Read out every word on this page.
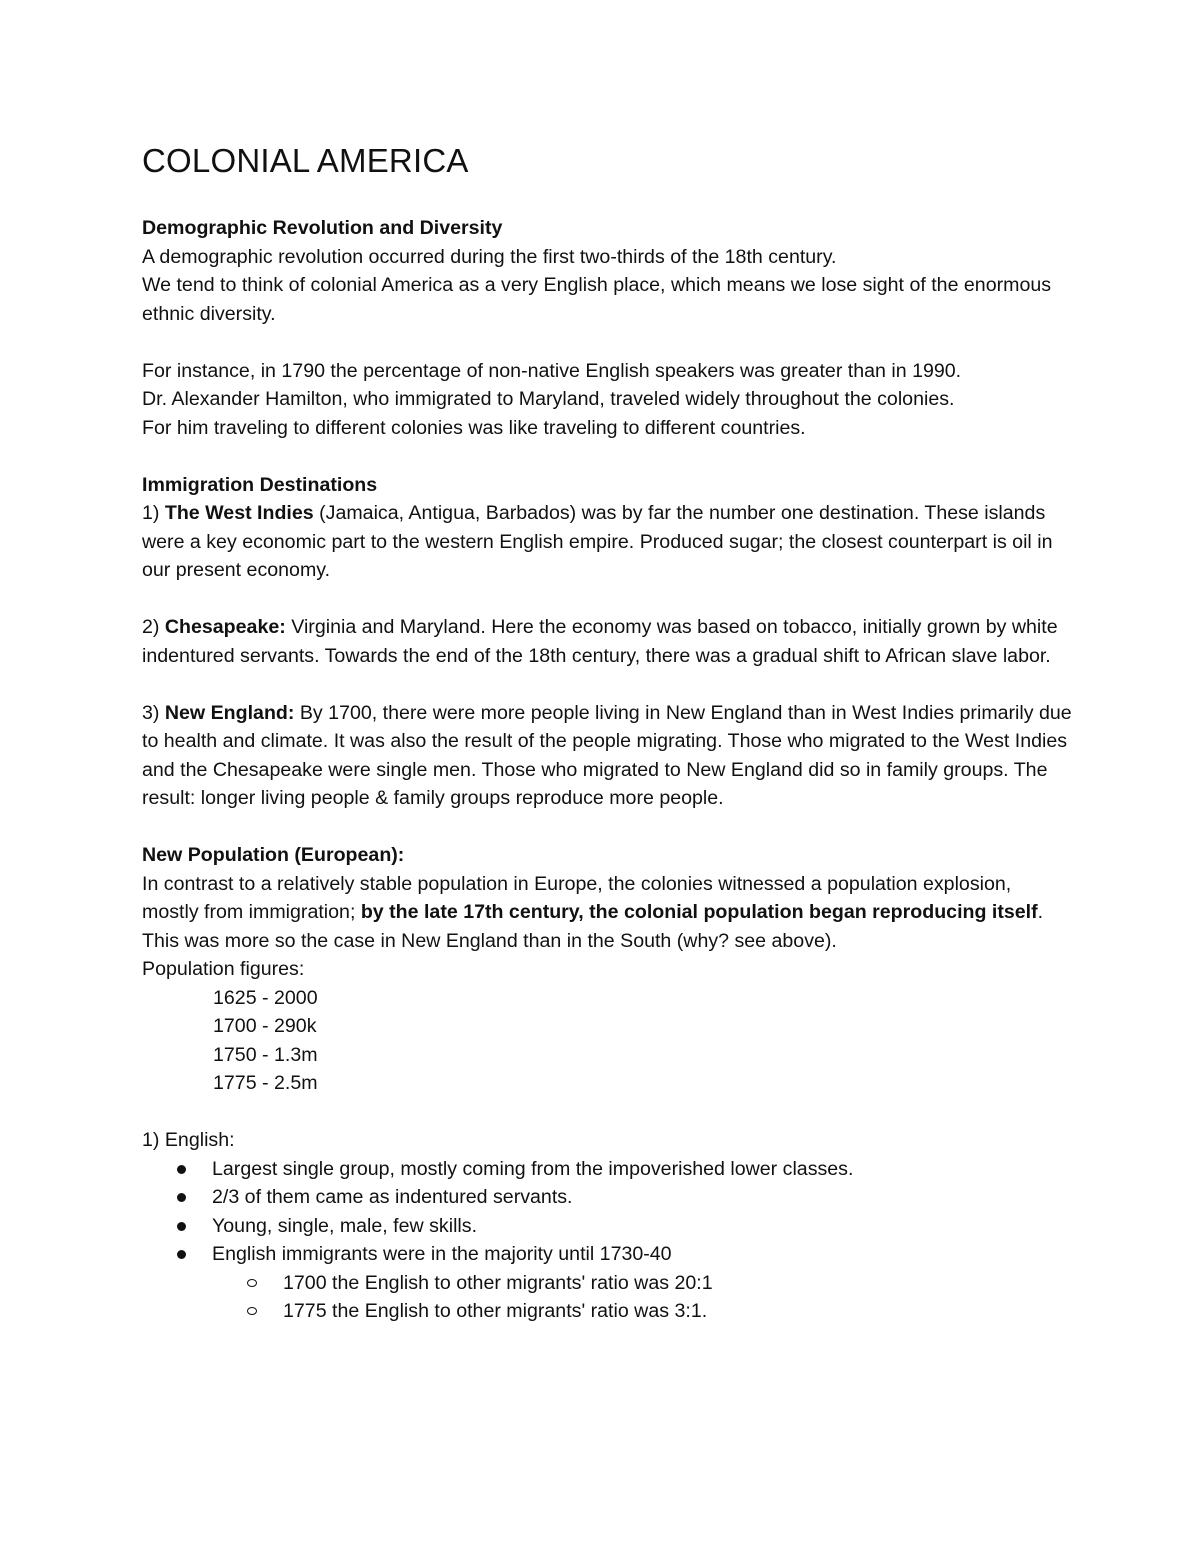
COLONIAL AMERICA

Demographic Revolution and Diversity

A demographic revolution occurred during the first two-thirds of the 18th century.

We tend to think of colonial America as a very English place, which means we lose sight of the enormous ethnic diversity.

For instance, in 1790 the percentage of non-native English speakers was greater than in 1990.

Dr. Alexander Hamilton, who immigrated to Maryland, traveled widely throughout the colonies.

For him traveling to different colonies was like traveling to different countries.

Immigration Destinations

1) The West Indies (Jamaica, Antigua, Barbados) was by far the number one destination. These islands were a key economic part to the western English empire. Produced sugar; the closest counterpart is oil in our present economy.

2) Chesapeake: Virginia and Maryland. Here the economy was based on tobacco, initially grown by white indentured servants. Towards the end of the 18th century, there was a gradual shift to African slave labor.

3) New England: By 1700, there were more people living in New England than in West Indies primarily due to health and climate. It was also the result of the people migrating. Those who migrated to the West Indies and the Chesapeake were single men. Those who migrated to New England did so in family groups. The result: longer living people & family groups reproduce more people.

New Population (European):

In contrast to a relatively stable population in Europe, the colonies witnessed a population explosion, mostly from immigration; by the late 17th century, the colonial population began reproducing itself. This was more so the case in New England than in the South (why? see above).

Population figures:

1625 - 2000

1700 - 290k

1750 - 1.3m

1775 - 2.5m

1) English:

Largest single group, mostly coming from the impoverished lower classes.
2/3 of them came as indentured servants.
Young, single, male, few skills.
English immigrants were in the majority until 1730-40
1700 the English to other migrants' ratio was 20:1
1775 the English to other migrants' ratio was 3:1.
